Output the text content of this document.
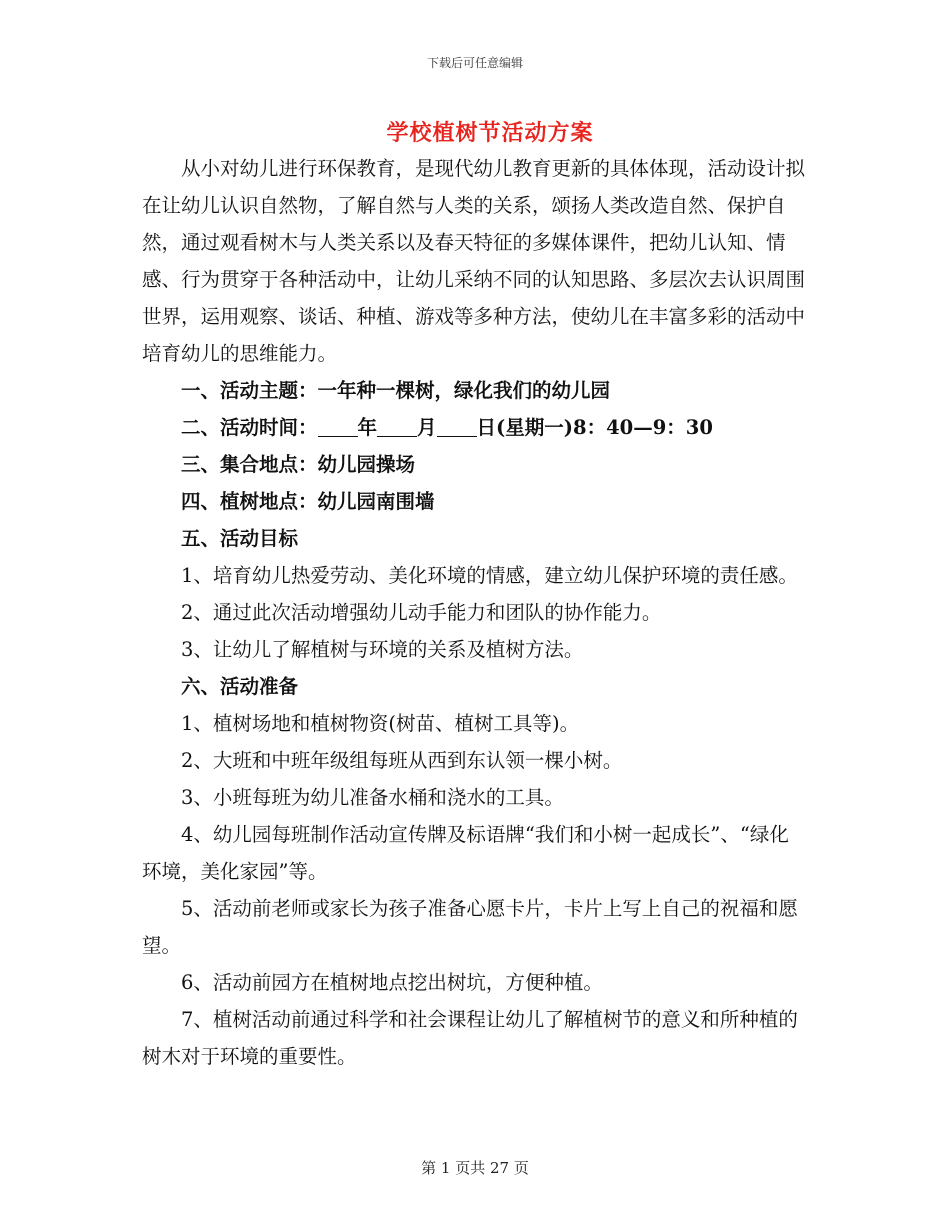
下载后可任意编辑
学校植树节活动方案

从小对幼儿进行环保教育，是现代幼儿教育更新的具体体现，活动设计拟在让幼儿认识自然物，了解自然与人类的关系，颂扬人类改造自然、保护自然，通过观看树木与人类关系以及春天特征的多媒体课件，把幼儿认知、情感、行为贯穿于各种活动中，让幼儿采纳不同的认知思路、多层次去认识周围世界，运用观察、谈话、种植、游戏等多种方法，使幼儿在丰富多彩的活动中培育幼儿的思维能力。

一、活动主题：一年种一棵树，绿化我们的幼儿园

二、活动时间： 年 月 日(星期一)8：40—9：30

三、集合地点：幼儿园操场

四、植树地点：幼儿园南围墙

五、活动目标

1、培育幼儿热爱劳动、美化环境的情感，建立幼儿保护环境的责任感。

2、通过此次活动增强幼儿动手能力和团队的协作能力。

3、让幼儿了解植树与环境的关系及植树方法。

六、活动准备

1、植树场地和植树物资(树苗、植树工具等)。

2、大班和中班年级组每班从西到东认领一棵小树。

3、小班每班为幼儿准备水桶和浇水的工具。

4、幼儿园每班制作活动宣传牌及标语牌“我们和小树一起成长”、“绿化环境，美化家园”等。

5、活动前老师或家长为孩子准备心愿卡片，卡片上写上自己的祝福和愿望。

6、活动前园方在植树地点挖出树坑，方便种植。

7、植树活动前通过科学和社会课程让幼儿了解植树节的意义和所种植的树木对于环境的重要性。

第 1 页共 27 页
